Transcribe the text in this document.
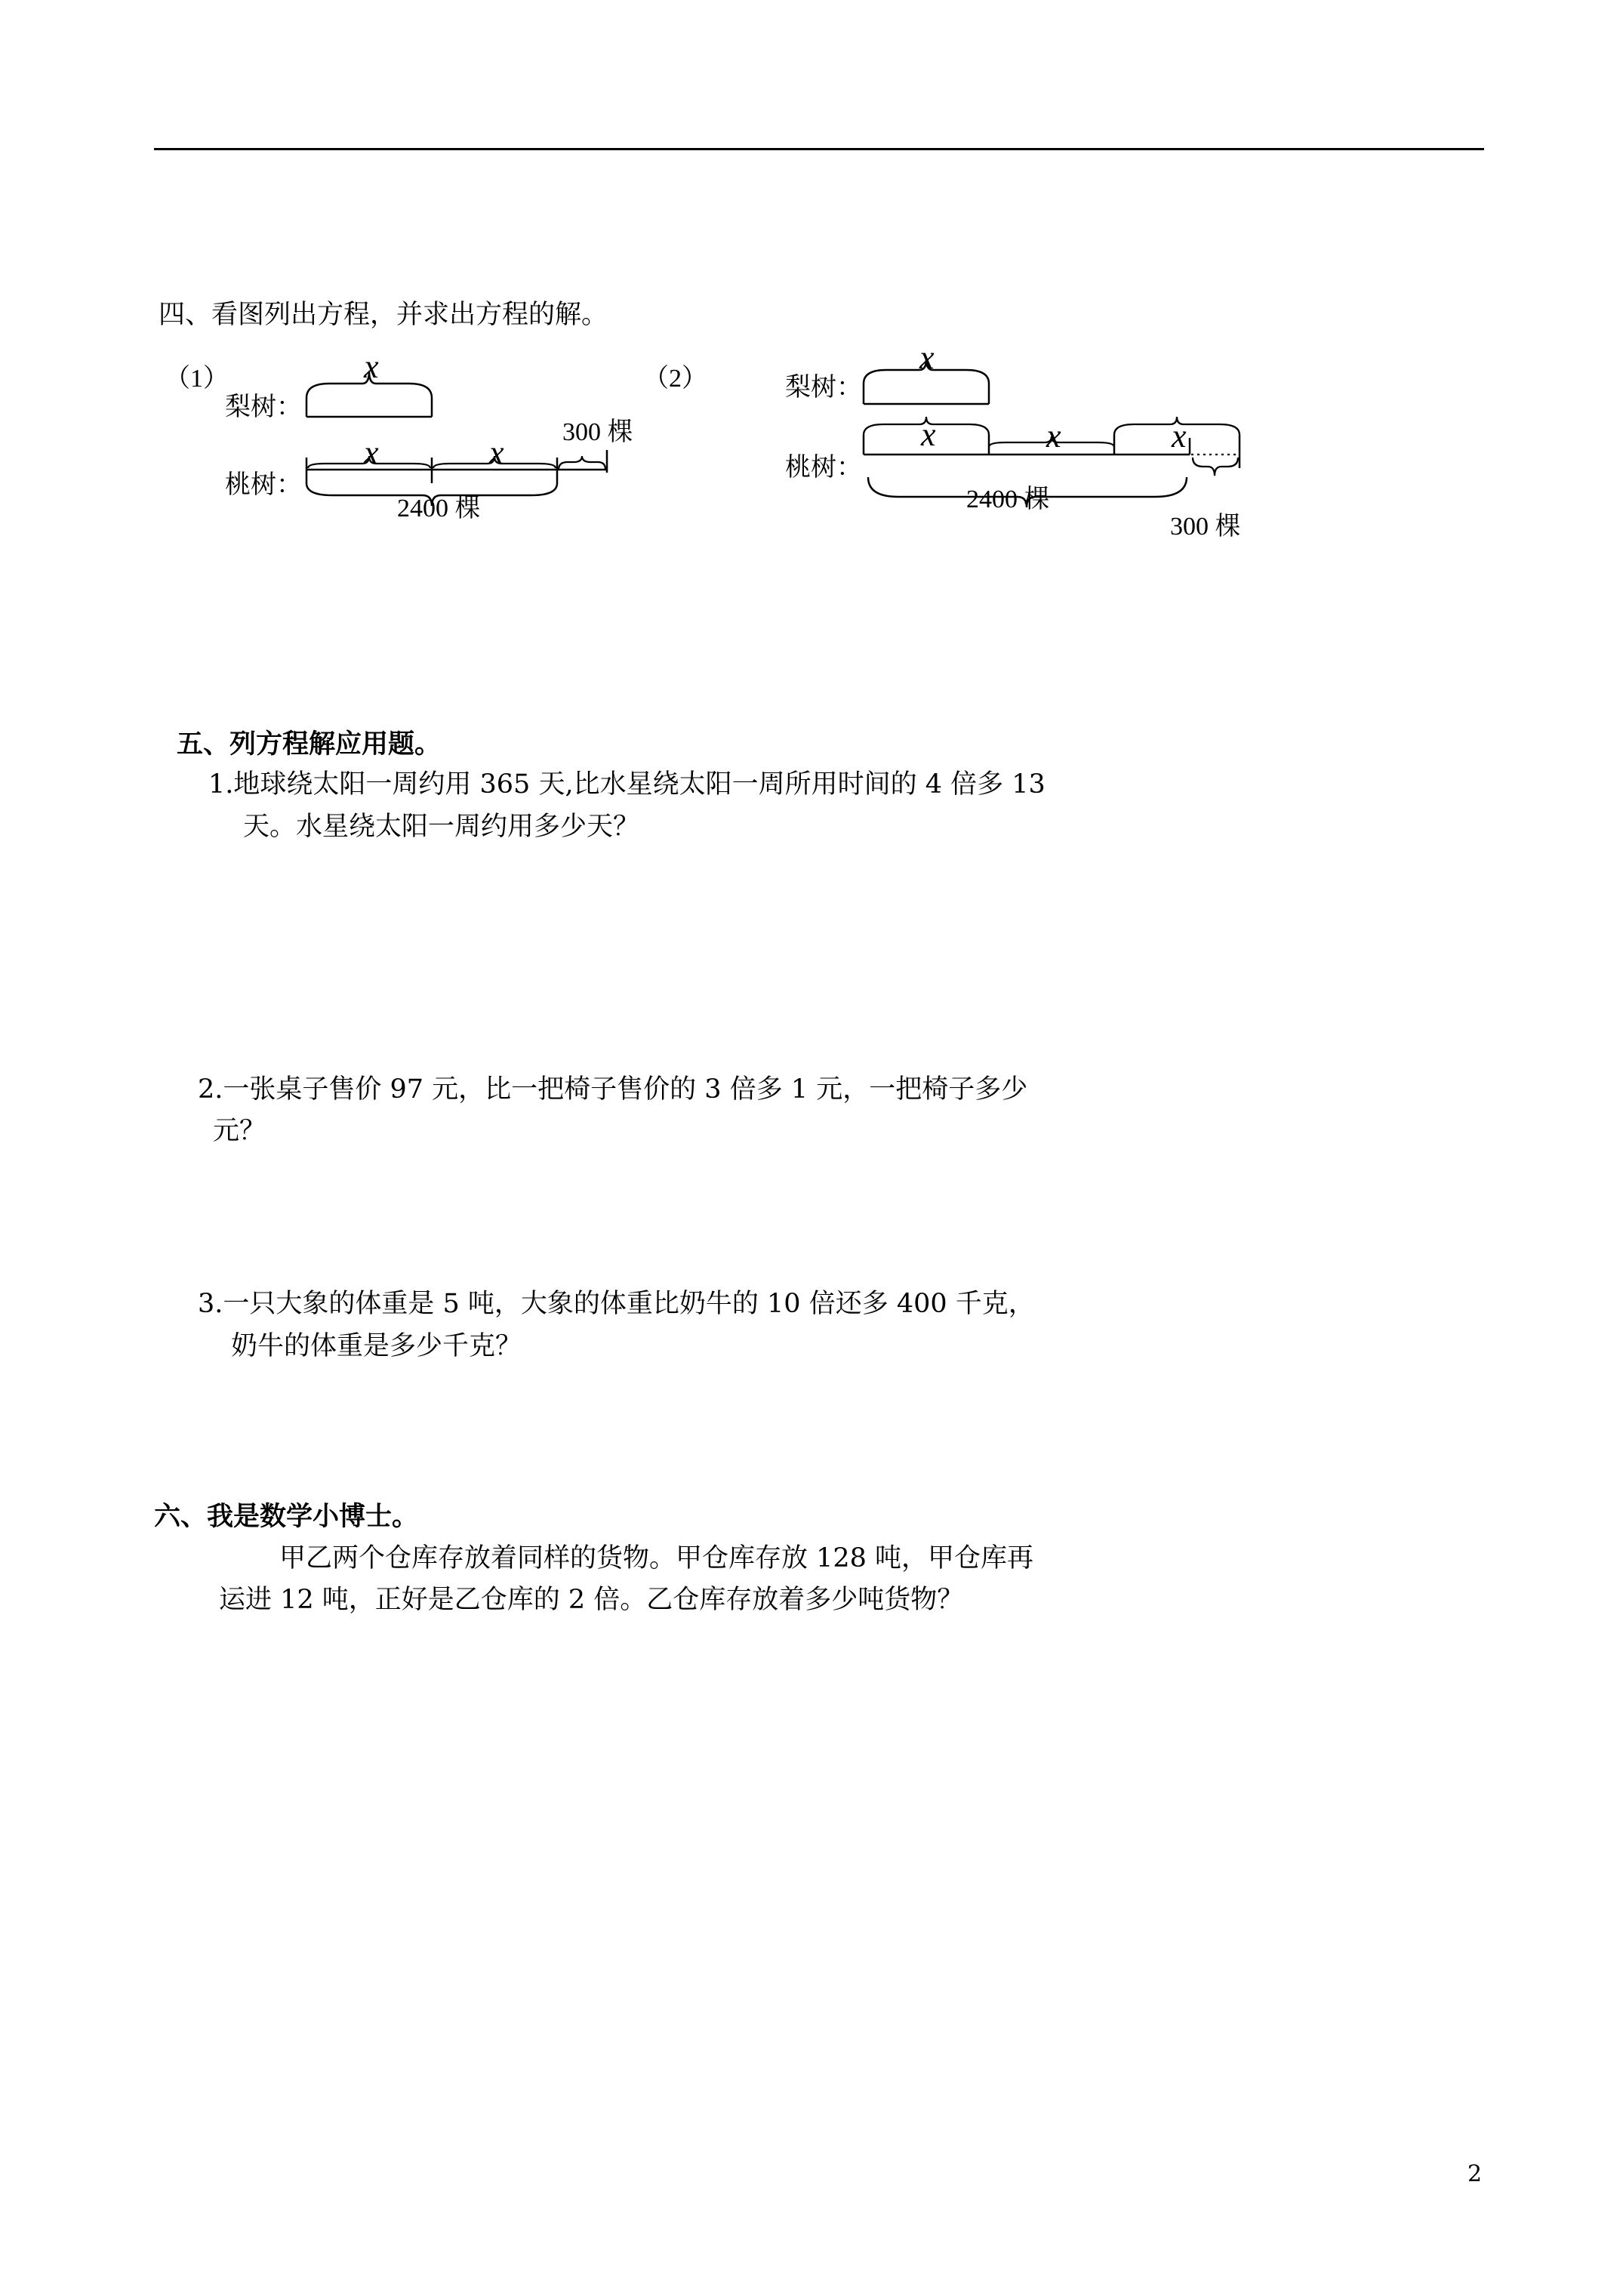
四、看图列出方程，并求出方程的解。
（1）
梨树：
桃树：
x
x	x
300 棵
2400 棵
（2）	梨树：
桃树：
x
x	x	x
2400 棵
300 棵
五、列方程解应用题。
1.地球绕太阳一周约用 365 天,比水星绕太阳一周所用时间的 4 倍多 13
天。水星绕太阳一周约用多少天？
2.一张桌子售价 97 元，比一把椅子售价的 3 倍多 1 元，一把椅子多少
元？
3.一只大象的体重是 5 吨，大象的体重比奶牛的 10 倍还多 400 千克，
奶牛的体重是多少千克？
六、我是数学小博士。
甲乙两个仓库存放着同样的货物。甲仓库存放 128 吨，甲仓库再
运进 12 吨，正好是乙仓库的 2 倍。乙仓库存放着多少吨货物？
2
